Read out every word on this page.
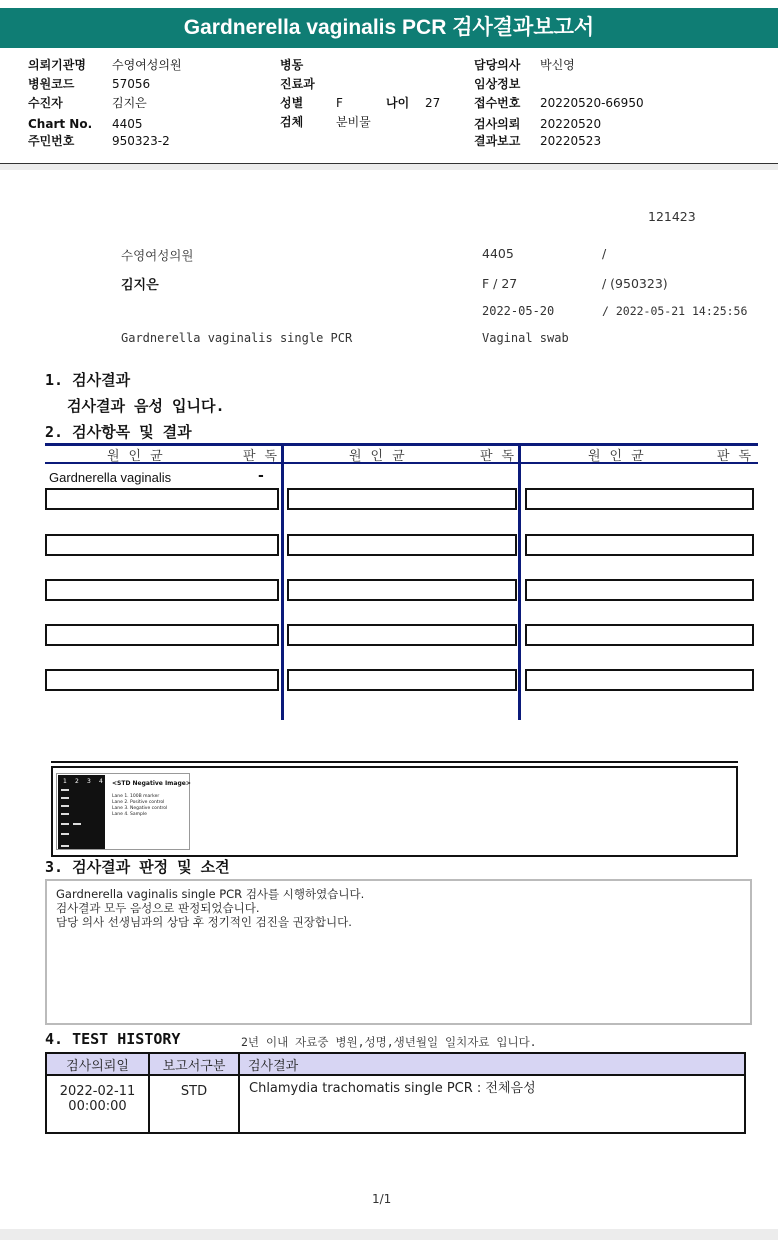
Gardnerella vaginalis PCR 검사결과보고서
의뢰기관명 수영여성의원
병원코드	57056
수진자	김지은
Chart No. 4405
주민번호	950323-2
병동
진료과
성별	F	나이 27
검체	분비물
담당의사 박신영
임상정보
접수번호 20220520-66950
검사의뢰 20220520
결과보고 20220523
121423
수영여성의원	4405	/
김지은	F / 27	/ (950323)
2022-05-20	/ 2022-05-21 14:25:56
Gardnerella vaginalis single PCR	Vaginal swab
1. 검사결과
검사결과 음성 입니다.
2. 검사항목 및 결과
원인균	판독	원인균	판독	원인균	판독
Gardnerella vaginalis	-
1 2 3 4 <STD Negative Image>
Lane 1. 100B marker
Lane 2. Positive control
Lane 3. Negative control
Lane 4. Sample
3. 검사결과 판정 및 소견
Gardnerella vaginalis single PCR 검사를 시행하였습니다.
검사결과 모두 음성으로 판정되었습니다.
담당 의사 선생님과의 상담 후 정기적인 검진을 권장합니다.
4. TEST HISTORY	2년 이내 자료중 병원,성명,생년월일 일치자료 입니다.
검사의뢰일	보고서구분	검사결과

2022-02-11
00:00:00	STD	Chlamydia trachomatis single PCR : 전체음성
1/1
